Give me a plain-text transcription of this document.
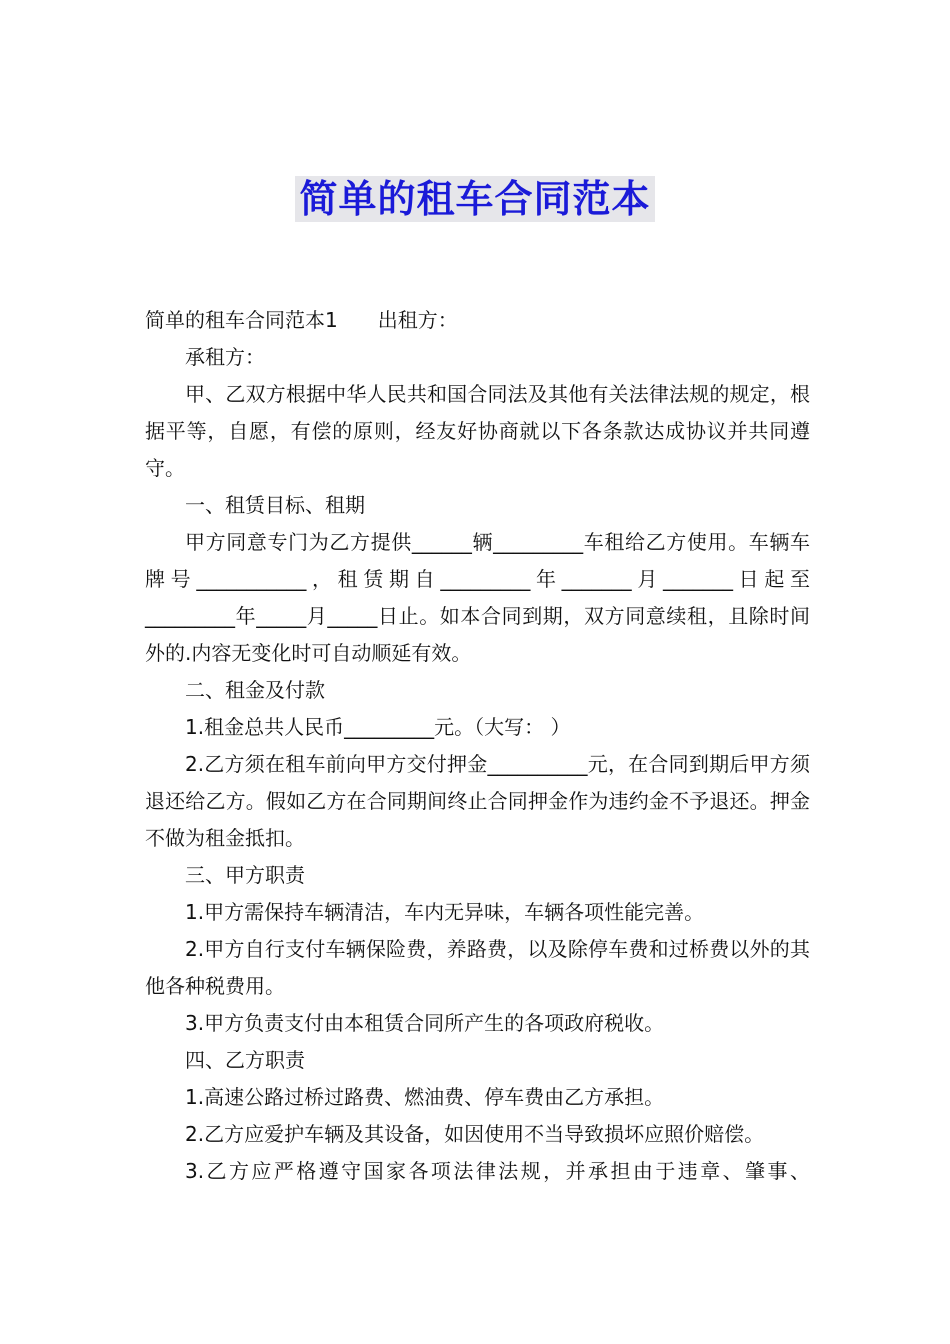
简单的租车合同范本

简单的租车合同范本1 出租方：

承租方：

甲、乙双方根据中华人民共和国合同法及其他有关法律法规的规定，根据平等，自愿，有偿的原则，经友好协商就以下各条款达成协议并共同遵守。

一、租赁目标、租期

甲方同意专门为乙方提供______辆_________车租给乙方使用。车辆车牌号___________，租赁期自_________年_______月_______日起至_________年_____月_____日止。如本合同到期，双方同意续租，且除时间外的.内容无变化时可自动顺延有效。

二、租金及付款

1.租金总共人民币_________元。（大写： ）

2.乙方须在租车前向甲方交付押金__________元，在合同到期后甲方须退还给乙方。假如乙方在合同期间终止合同押金作为违约金不予退还。押金不做为租金抵扣。

三、甲方职责

1.甲方需保持车辆清洁，车内无异味，车辆各项性能完善。

2.甲方自行支付车辆保险费，养路费，以及除停车费和过桥费以外的其他各种税费用。

3.甲方负责支付由本租赁合同所产生的各项政府税收。

四、乙方职责

1.高速公路过桥过路费、燃油费、停车费由乙方承担。

2.乙方应爱护车辆及其设备，如因使用不当导致损坏应照价赔偿。

3.乙方应严格遵守国家各项法律法规，并承担由于违章、肇事、
